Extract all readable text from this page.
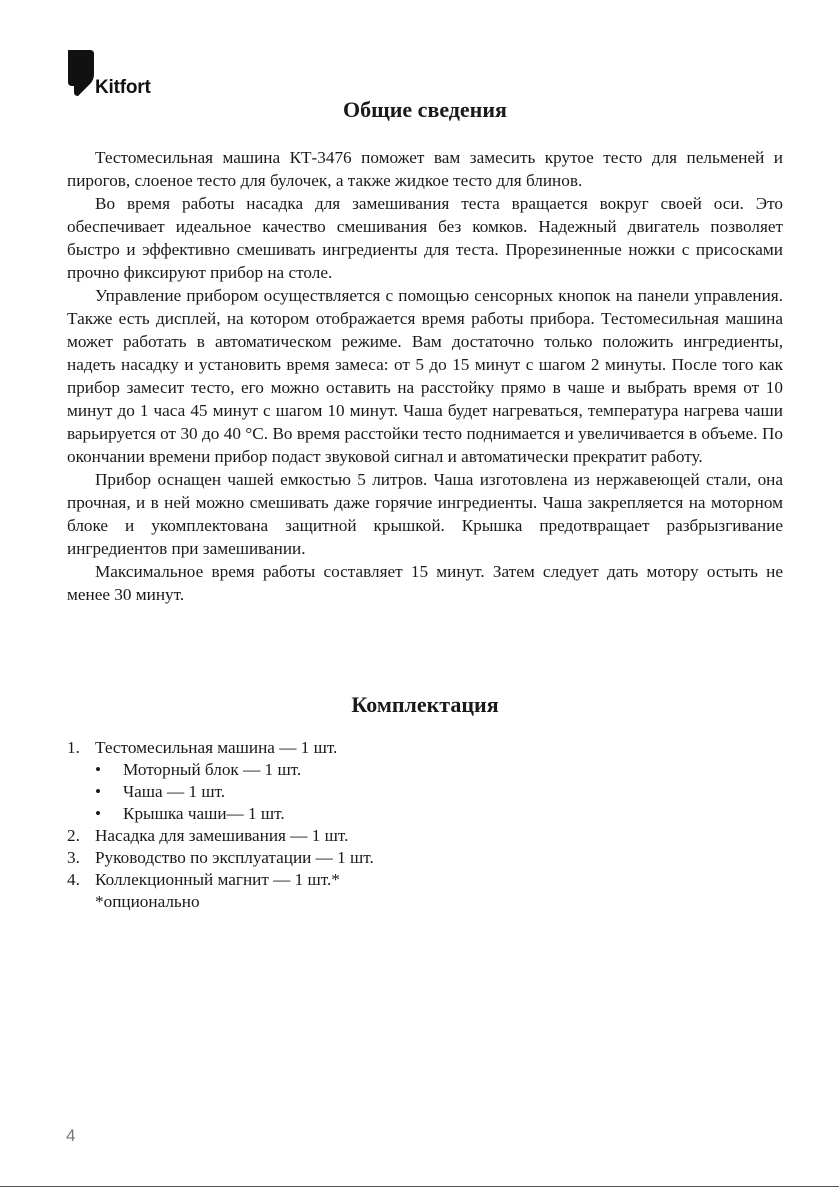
Kitfort
Общие сведения

Тестомесильная машина КТ-3476 поможет вам замесить крутое тесто для пельменей и пирогов, слоеное тесто для булочек, а также жидкое тесто для блинов.

Во время работы насадка для замешивания теста вращается вокруг своей оси. Это обеспечивает идеальное качество смешивания без комков. Надежный двигатель позволяет быстро и эффективно смешивать ингредиенты для теста. Прорезиненные ножки с присосками прочно фиксируют прибор на столе.

Управление прибором осуществляется с помощью сенсорных кнопок на панели управления. Также есть дисплей, на котором отображается время работы прибора. Тестомесильная машина может работать в автоматическом режиме. Вам достаточно только положить ингредиенты, надеть насадку и установить время замеса: от 5 до 15 минут с шагом 2 минуты. После того как прибор замесит тесто, его можно оставить на расстойку прямо в чаше и выбрать время от 10 минут до 1 часа 45 минут с шагом 10 минут. Чаша будет нагреваться, температура нагрева чаши варьируется от 30 до 40 °С. Во время расстойки тесто поднимается и увеличивается в объеме. По окончании времени прибор подаст звуковой сигнал и автоматически прекратит работу.

Прибор оснащен чашей емкостью 5 литров. Чаша изготовлена из нержавеющей стали, она прочная, и в ней можно смешивать даже горячие ингредиенты. Чаша закрепляется на моторном блоке и укомплектована защитной крышкой. Крышка предотвращает разбрызгивание ингредиентов при замешивании.

Максимальное время работы составляет 15 минут. Затем следует дать мотору остыть не менее 30 минут.

Комплектация
1. Тестомесильная машина — 1 шт.
• Моторный блок — 1 шт.
• Чаша — 1 шт.
• Крышка чаши— 1 шт.
2. Насадка для замешивания — 1 шт.
3. Руководство по эксплуатации — 1 шт.
4. Коллекционный магнит — 1 шт.*
*опционально
4
